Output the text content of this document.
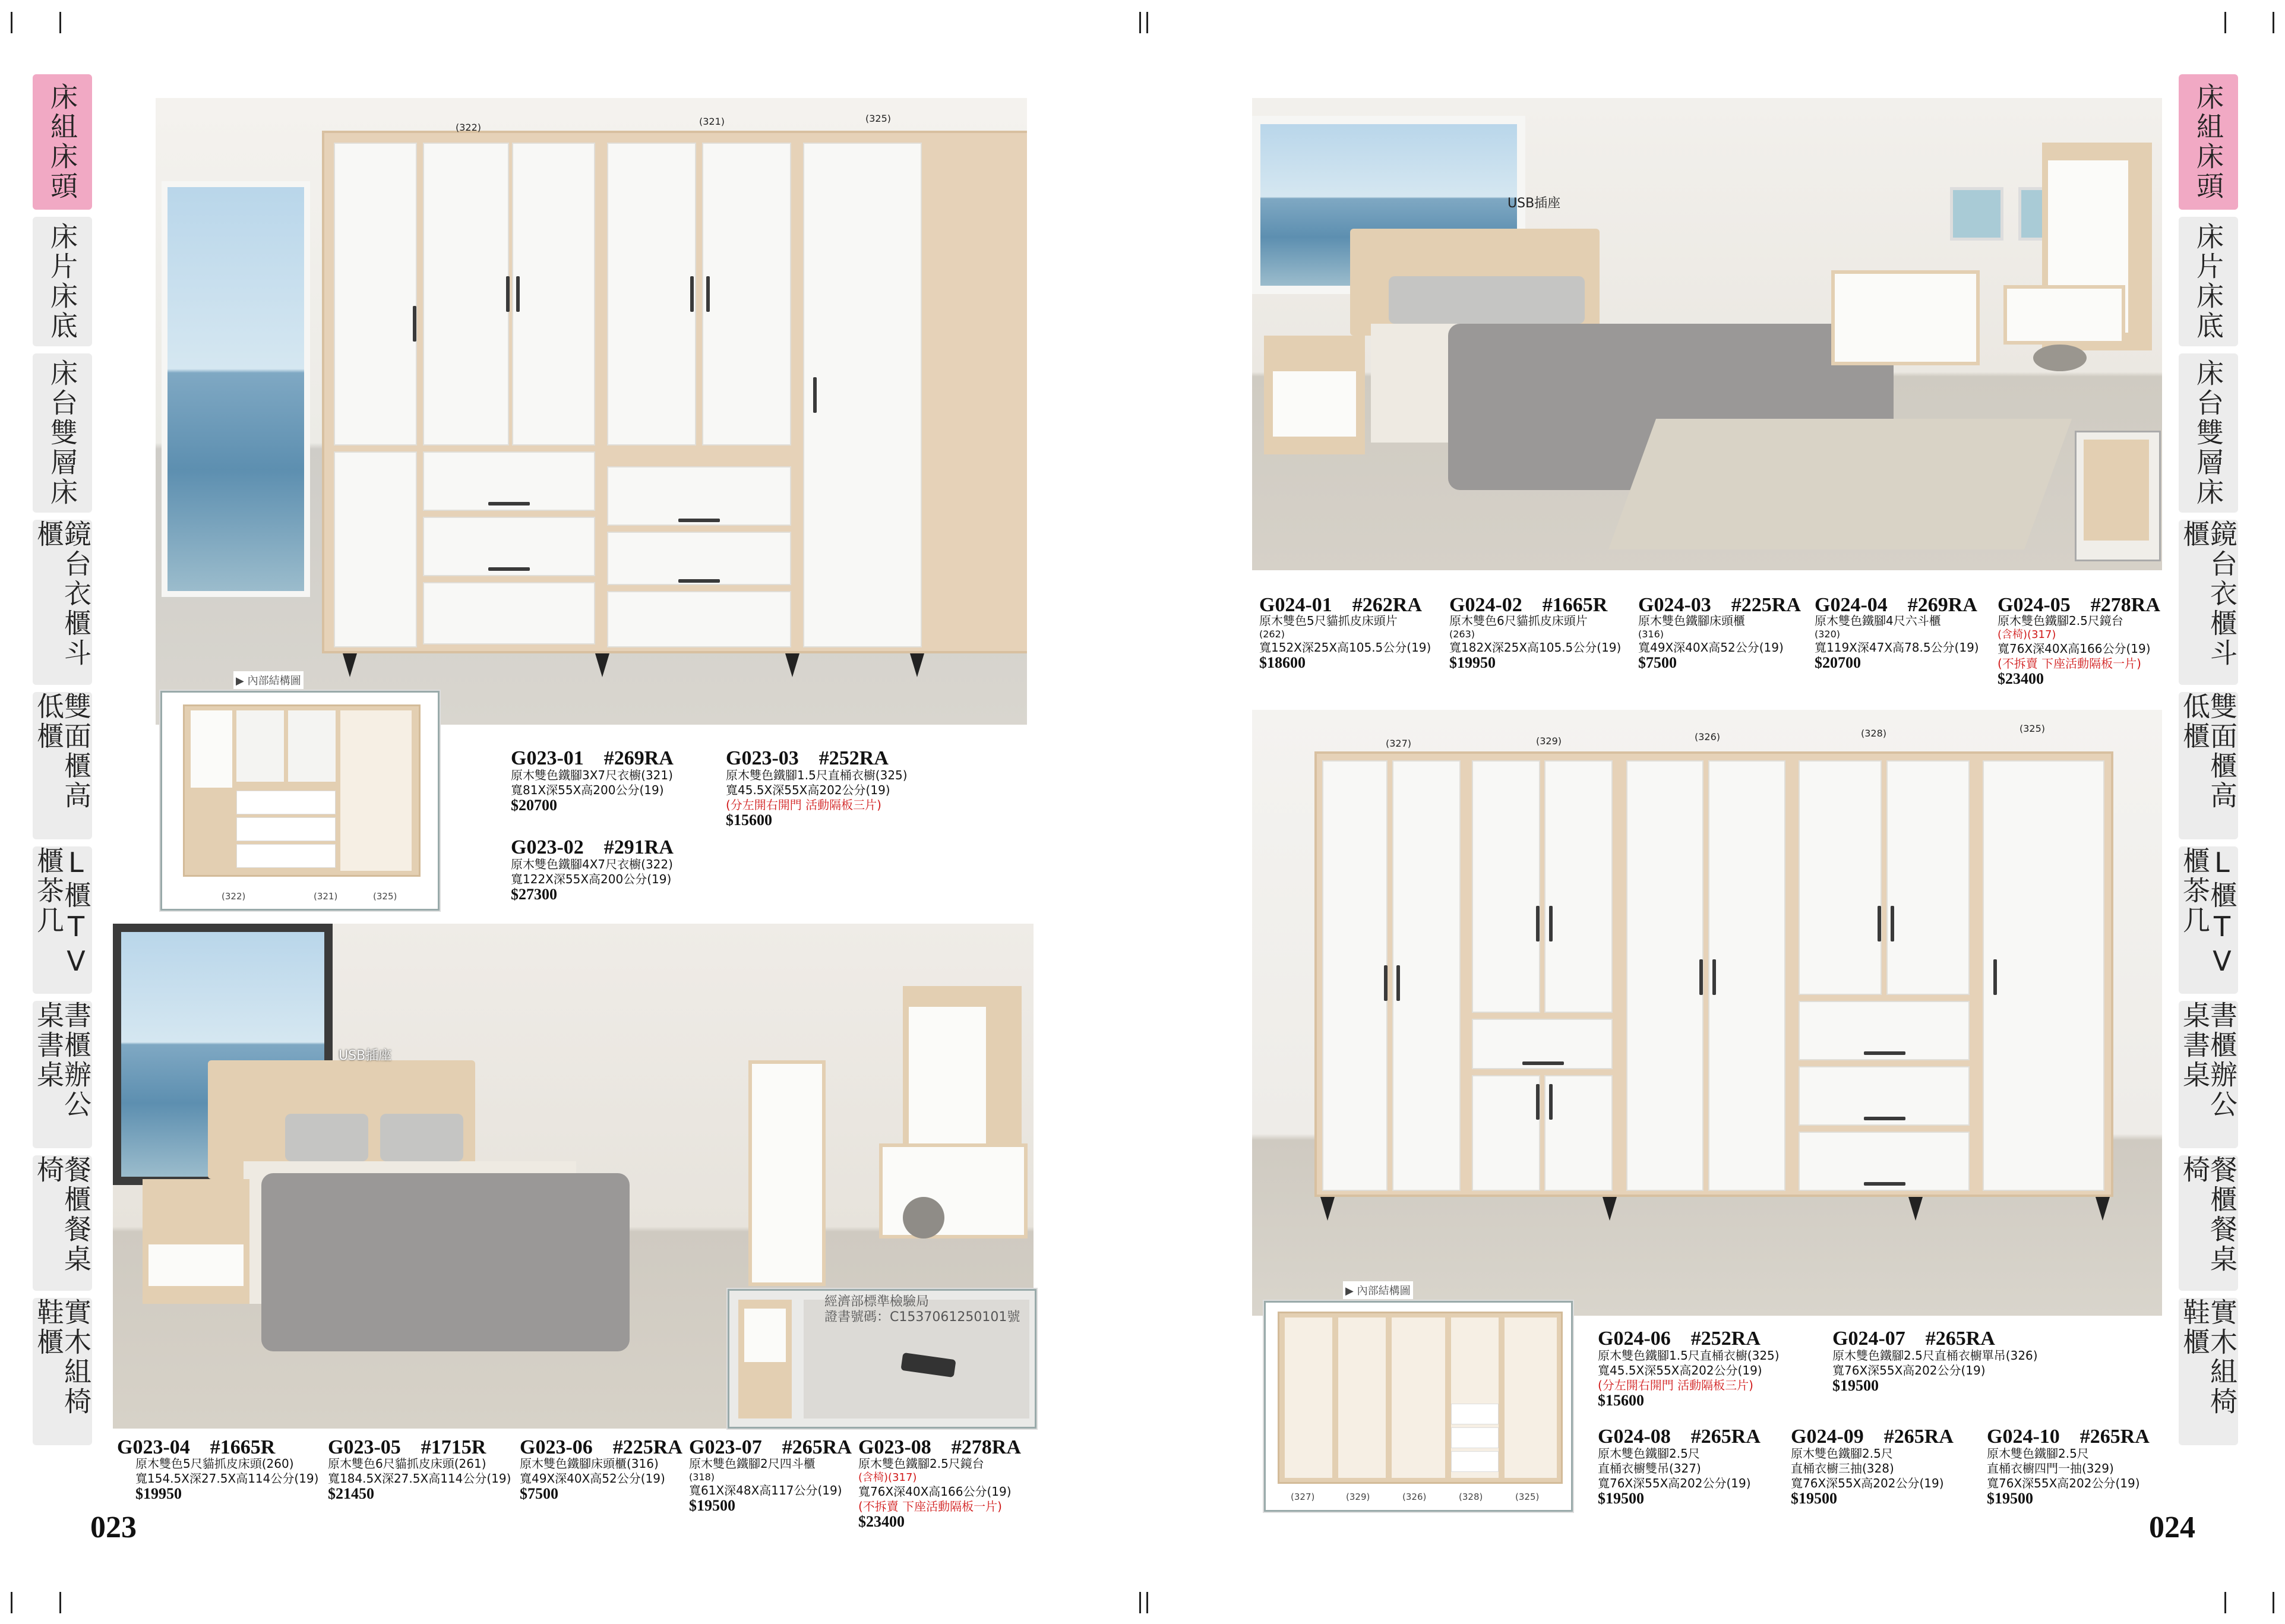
床組床頭
床片床底
床台雙層床
鏡台衣櫃斗櫃
雙面櫃高低櫃
L櫃TV櫃茶几
書櫃辦公桌書桌
餐櫃餐桌椅
實木組椅鞋櫃
床組床頭
床片床底
床台雙層床
鏡台衣櫃斗櫃
雙面櫃高低櫃
L櫃TV櫃茶几
書櫃辦公桌書桌
餐櫃餐桌椅
實木組椅鞋櫃
(322)
(321)	(325)
▶ 內部結構圖
(322)	(321)	(325)
G023-01　#269RA
原木雙色鐵腳3X7尺衣櫥(321)
寬81X深55X高200公分(19)
$20700
G023-03　#252RA
原木雙色鐵腳1.5尺直桶衣櫥(325)
寬45.5X深55X高202公分(19)
(分左開右開門 活動隔板三片)
$15600
G023-02　#291RA
原木雙色鐵腳4X7尺衣櫥(322)
寬122X深55X高200公分(19)
$27300
USB插座
經濟部標準檢驗局
證書號碼：C1537061250101號
G023-04　#1665R
原木雙色5尺貓抓皮床頭(260)
寬154.5X深27.5X高114公分(19)
$19950
G023-05　#1715R
原木雙色6尺貓抓皮床頭(261)
寬184.5X深27.5X高114公分(19)
$21450
G023-06　#225RA
原木雙色鐵腳床頭櫃(316)
寬49X深40X高52公分(19)
$7500
G023-07　#265RA
原木雙色鐵腳2尺四斗櫃
(318)
寬61X深48X高117公分(19)
$19500
G023-08　#278RA
原木雙色鐵腳2.5尺鏡台
(含椅)(317)
寬76X深40X高166公分(19)
(不拆賣 下座活動隔板一片)
$23400
023
USB插座
G024-01　#262RA
原木雙色5尺貓抓皮床頭片
(262)
寬152X深25X高105.5公分(19)
$18600
G024-02　#1665R
原木雙色6尺貓抓皮床頭片
(263)
寬182X深25X高105.5公分(19)
$19950
G024-03　#225RA
原木雙色鐵腳床頭櫃
(316)
寬49X深40X高52公分(19)
$7500
G024-04　#269RA
原木雙色鐵腳4尺六斗櫃
(320)
寬119X深47X高78.5公分(19)
$20700
G024-05　#278RA
原木雙色鐵腳2.5尺鏡台
(含椅)(317)
寬76X深40X高166公分(19)
(不拆賣 下座活動隔板一片)
$23400
(327)	(329)	(326)	(328)	(325)
▶ 內部結構圖
(327)	(329)	(326)	(328)	(325)
G024-06　#252RA
原木雙色鐵腳1.5尺直桶衣櫥(325)
寬45.5X深55X高202公分(19)
(分左開右開門 活動隔板三片)
$15600
G024-07　#265RA
原木雙色鐵腳2.5尺直桶衣櫥單吊(326)
寬76X深55X高202公分(19)
$19500
G024-08　#265RA
原木雙色鐵腳2.5尺
直桶衣櫥雙吊(327)
寬76X深55X高202公分(19)
$19500
G024-09　#265RA
原木雙色鐵腳2.5尺
直桶衣櫥三抽(328)
寬76X深55X高202公分(19)
$19500
G024-10　#265RA
原木雙色鐵腳2.5尺
直桶衣櫥四門一抽(329)
寬76X深55X高202公分(19)
$19500
024
